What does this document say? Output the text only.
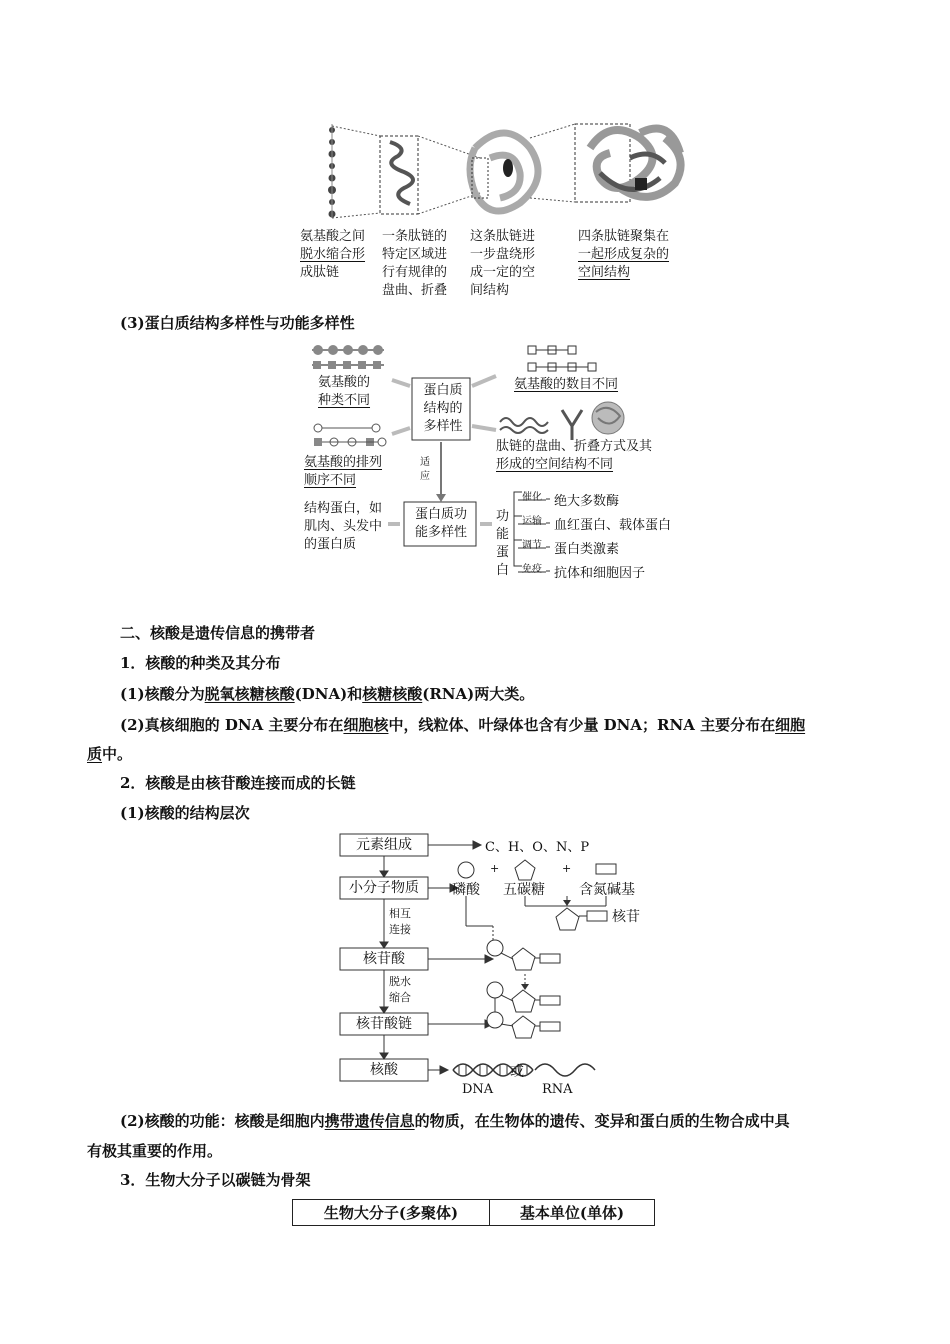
氨基酸之间
脱水缩合形
成肽链
一条肽链的
特定区域进
行有规律的
盘曲、折叠
这条肽链进
一步盘绕形
成一定的空
间结构
四条肽链聚集在
一起形成复杂的
空间结构
(3)蛋白质结构多样性与功能多样性
蛋白质
结构的
多样性
蛋白质功
能多样性
适
应
氨基酸的
种类不同
氨基酸的排列
顺序不同
结构蛋白，如
肌肉、头发中
的蛋白质
氨基酸的数目不同
肽链的盘曲、折叠方式及其
形成的空间结构不同
功
能
蛋
白
催化
运输
调节
免疫
绝大多数酶
血红蛋白、载体蛋白
蛋白类激素
抗体和细胞因子
二、核酸是遗传信息的携带者
1．核酸的种类及其分布
(1)核酸分为脱氧核糖核酸(DNA)和核糖核酸(RNA)两大类。
(2)真核细胞的 DNA 主要分布在细胞核中，线粒体、叶绿体也含有少量 DNA；RNA 主要分布在细胞
质中。
2．核酸是由核苷酸连接而成的长链
(1)核酸的结构层次
元素组成
小分子物质
核苷酸
核苷酸链
核酸
C、H、O、N、P
+	+
磷酸 五碳糖 含氮碱基
核苷
相互
连接
脱水
缩合
DNA
或
RNA
(2)核酸的功能：核酸是细胞内携带遗传信息的物质，在生物体的遗传、变异和蛋白质的生物合成中具
有极其重要的作用。
3．生物大分子以碳链为骨架
生物大分子(多聚体)	基本单位(单体)
